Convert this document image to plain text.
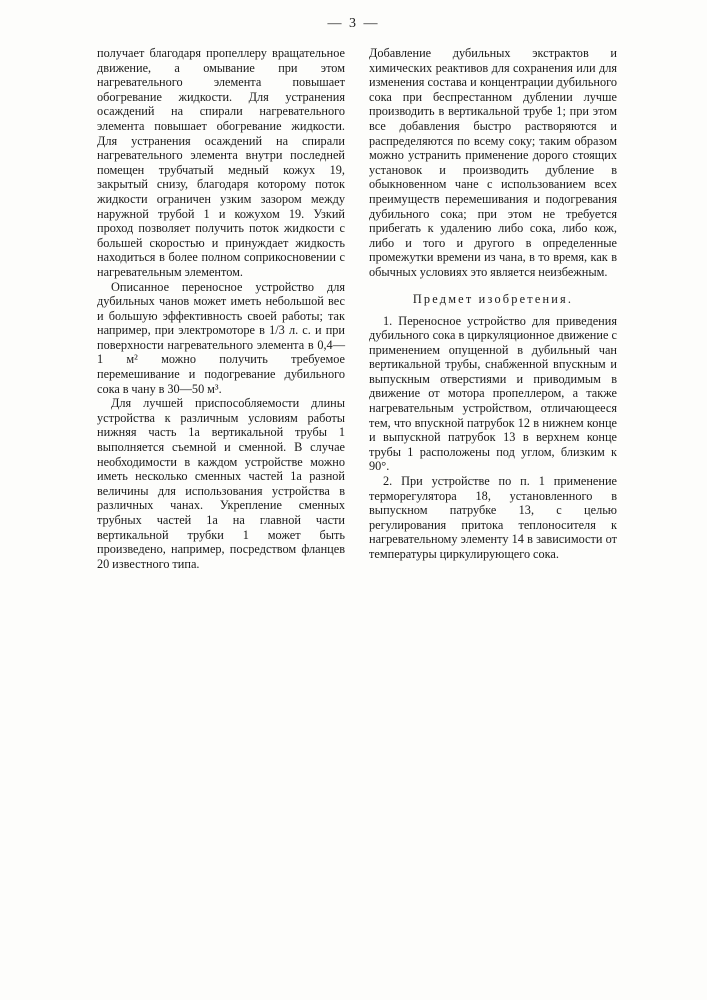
— 3 —

получает благодаря пропеллеру вращательное движение, а омывание при этом нагревательного элемента повышает обогревание жидкости. Для устранения осаждений на спирали нагревательного элемента повышает обогревание жидкости. Для устранения осаждений на спирали нагревательного элемента внутри последней помещен трубчатый медный кожух 19, закрытый снизу, благодаря которому поток жидкости ограничен узким зазором между наружной трубой 1 и кожухом 19. Узкий проход позволяет получить поток жидкости с большей скоростью и принуждает жидкость находиться в более полном соприкосновении с нагревательным элементом.

Описанное переносное устройство для дубильных чанов может иметь небольшой вес и большую эффективность своей работы; так например, при электромоторе в 1/3 л. с. и при поверхности нагревательного элемента в 0,4—1 м² можно получить требуемое перемешивание и подогревание дубильного сока в чану в 30—50 м³.

Для лучшей приспособляемости длины устройства к различным условиям работы нижняя часть 1а вертикальной трубы 1 выполняется съемной и сменной. В случае необходимости в каждом устройстве можно иметь несколько сменных частей 1а разной величины для использования устройства в различных чанах. Укрепление сменных трубных частей 1а на главной части вертикальной трубки 1 может быть произведено, например, посредством фланцев 20 известного типа.

Добавление дубильных экстрактов и химических реактивов для сохранения или для изменения состава и концентрации дубильного сока при беспрестанном дублении лучше производить в вертикальной трубе 1; при этом все добавления быстро растворяются и распределяются по всему соку; таким образом можно устранить применение дорого стоящих установок и производить дубление в обыкновенном чане с использованием всех преимуществ перемешивания и подогревания дубильного сока; при этом не требуется прибегать к удалению либо сока, либо кож, либо и того и другого в определенные промежутки времени из чана, в то время, как в обычных условиях это является неизбежным.

Предмет изобретения.

1. Переносное устройство для приведения дубильного сока в циркуляционное движение с применением опущенной в дубильный чан вертикальной трубы, снабженной впускным и выпускным отверстиями и приводимым в движение от мотора пропеллером, а также нагревательным устройством, отличающееся тем, что впускной патрубок 12 в нижнем конце и выпускной патрубок 13 в верхнем конце трубы 1 расположены под углом, близким к 90°.

2. При устройстве по п. 1 применение терморегулятора 18, установленного в выпускном патрубке 13, с целью регулирования притока теплоносителя к нагревательному элементу 14 в зависимости от температуры циркулирующего сока.
